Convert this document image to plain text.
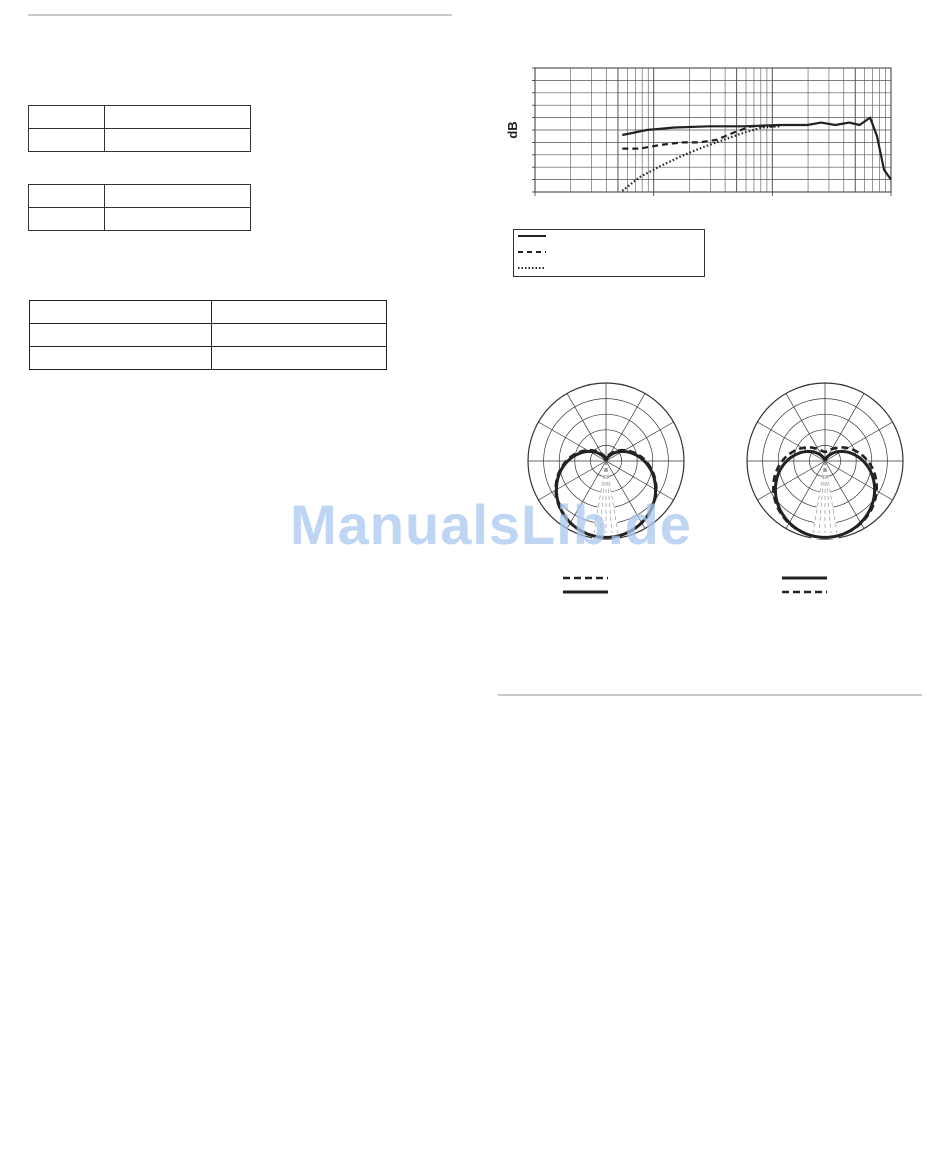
dB
ManualsLib.de
